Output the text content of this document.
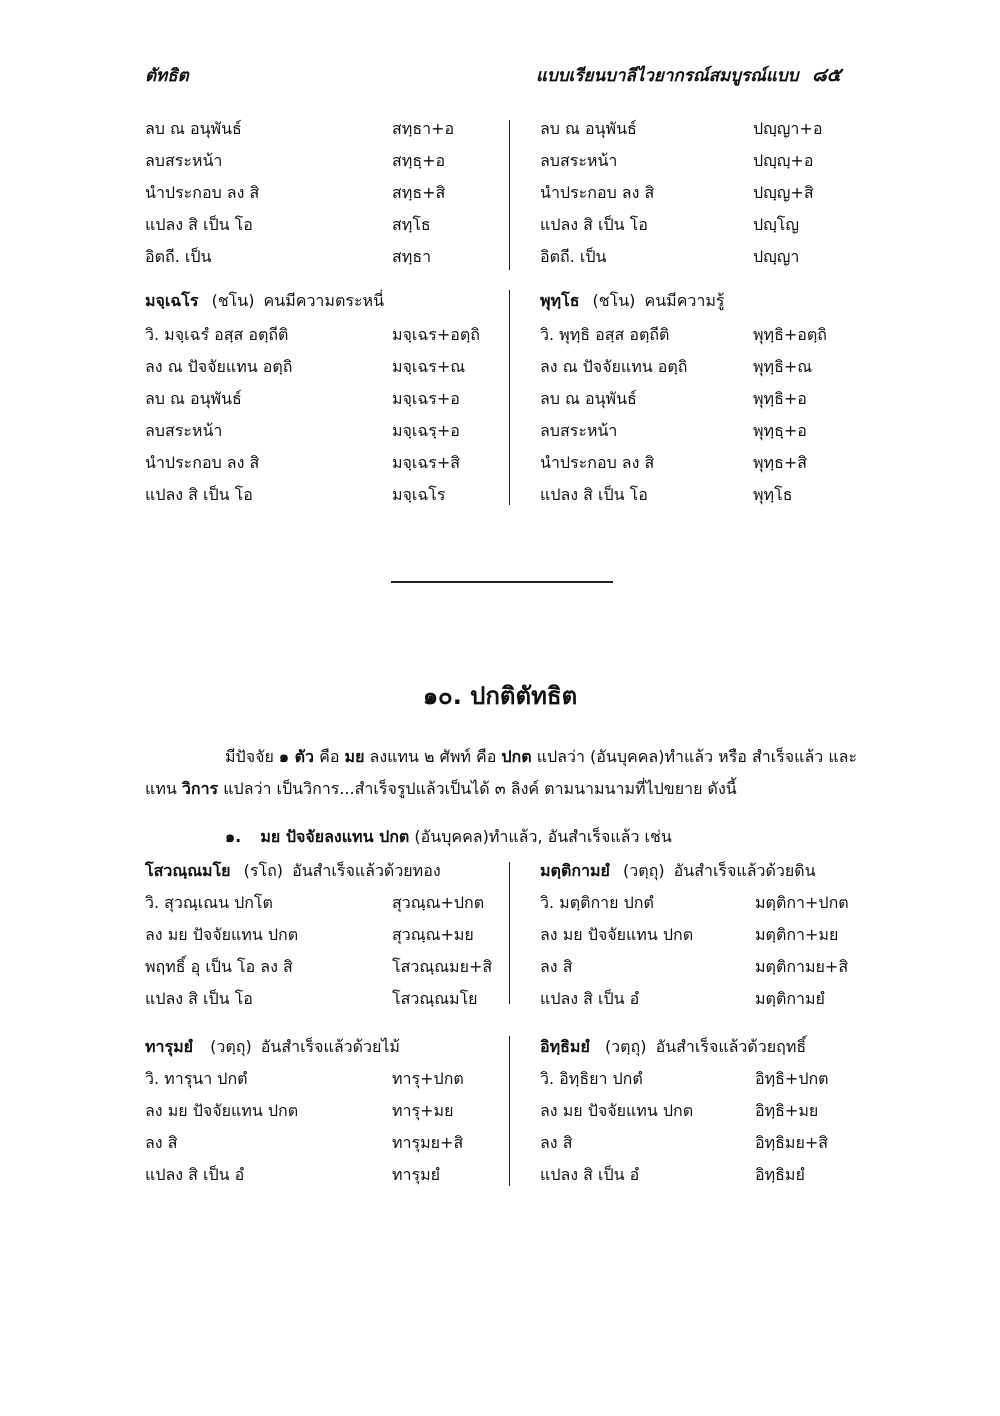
ตัทธิต	แบบเรียนบาลีไวยากรณ์สมบูรณ์แบบ ๘๕
ลบ ณ อนุพันธ์	สทฺธา+อ
ลบสระหน้า	สทฺธฺ+อ
นำประกอบ ลง สิ	สทฺธ+สิ
แปลง สิ เป็น โอ	สทฺโธ
อิตถี. เป็น	สทฺธา
ลบ ณ อนุพันธ์	ปญฺญา+อ
ลบสระหน้า	ปญฺญฺ+อ
นำประกอบ ลง สิ	ปญฺญ+สิ
แปลง สิ เป็น โอ	ปญฺโญ
อิตถี. เป็น	ปญฺญา
มจฺเฉโร (ชโน) คนมีความตระหนี่
วิ. มจฺเฉรํ อสฺส อตฺถีติ	มจฺเฉร+อตฺถิ
ลง ณ ปัจจัยแทน อตฺถิ	มจฺเฉร+ณ
ลบ ณ อนุพันธ์	มจฺเฉร+อ
ลบสระหน้า	มจฺเฉรฺ+อ
นำประกอบ ลง สิ	มจฺเฉร+สิ
แปลง สิ เป็น โอ	มจฺเฉโร
พุทฺโธ (ชโน) คนมีความรู้
วิ. พุทฺธิ อสฺส อตฺถีติ	พุทฺธิ+อตฺถิ
ลง ณ ปัจจัยแทน อตฺถิ	พุทฺธิ+ณ
ลบ ณ อนุพันธ์	พุทฺธิ+อ
ลบสระหน้า	พุทฺธฺ+อ
นำประกอบ ลง สิ	พุทฺธ+สิ
แปลง สิ เป็น โอ	พุทฺโธ
๑๐. ปกติตัทธิต
มีปัจจัย ๑ ตัว คือ มย ลงแทน ๒ ศัพท์ คือ ปกต แปลว่า (อันบุคคล)ทำแล้ว หรือ สำเร็จแล้ว และ
แทน วิการ แปลว่า เป็นวิการ...สำเร็จรูปแล้วเป็นได้ ๓ ลิงค์ ตามนามนามที่ไปขยาย ดังนี้
๑. มย ปัจจัยลงแทน ปกต (อันบุคคล)ทำแล้ว, อันสำเร็จแล้ว เช่น
โสวณฺณมโย (รโถ) อันสำเร็จแล้วด้วยทอง
วิ. สุวณฺเณน ปกโต	สุวณฺณ+ปกต
ลง มย ปัจจัยแทน ปกต	สุวณฺณ+มย
พฤทธิ์ อุ เป็น โอ ลง สิ	โสวณฺณมย+สิ
แปลง สิ เป็น โอ	โสวณฺณมโย
มตฺติกามยํ (วตฺถุ) อันสำเร็จแล้วด้วยดิน
วิ. มตฺติกาย ปกตํ	มตฺติกา+ปกต
ลง มย ปัจจัยแทน ปกต	มตฺติกา+มย
ลง สิ	มตฺติกามย+สิ
แปลง สิ เป็น อํ	มตฺติกามยํ
ทารุมยํ (วตฺถุ) อันสำเร็จแล้วด้วยไม้
วิ. ทารุนา ปกตํ	ทารุ+ปกต
ลง มย ปัจจัยแทน ปกต	ทารุ+มย
ลง สิ	ทารุมย+สิ
แปลง สิ เป็น อํ	ทารุมยํ
อิทฺธิมยํ (วตฺถุ) อันสำเร็จแล้วด้วยฤทธิ์
วิ. อิทฺธิยา ปกตํ	อิทฺธิ+ปกต
ลง มย ปัจจัยแทน ปกต	อิทฺธิ+มย
ลง สิ	อิทฺธิมย+สิ
แปลง สิ เป็น อํ	อิทฺธิมยํ
